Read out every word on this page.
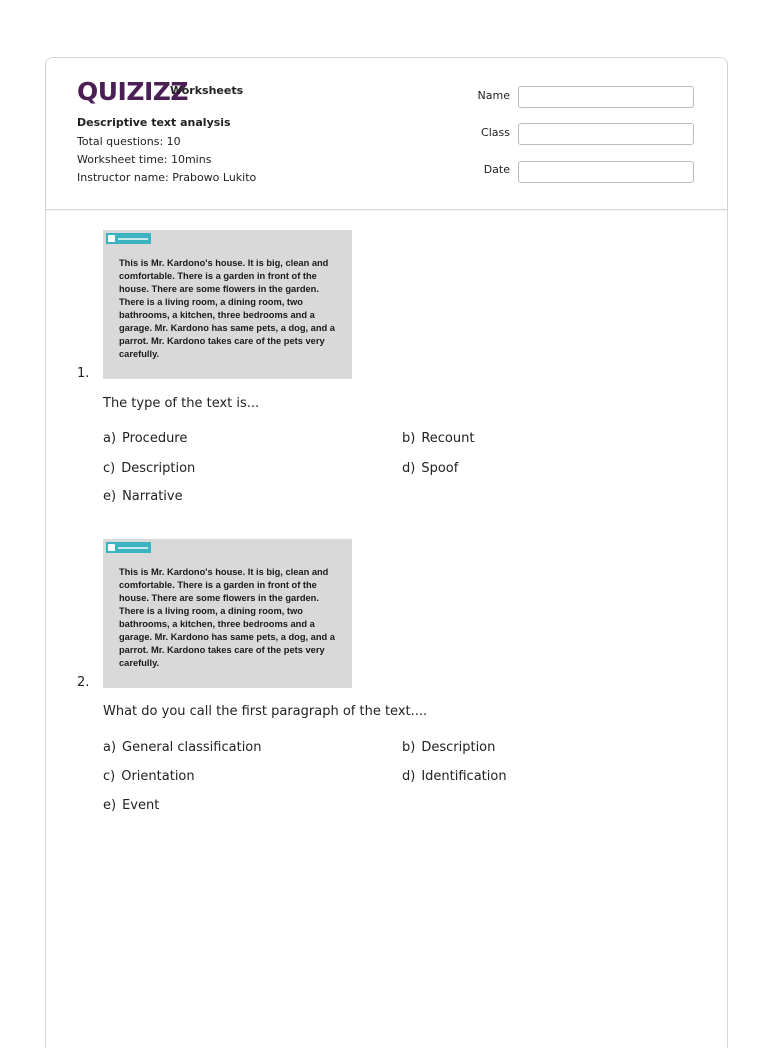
QUIZIZZ
Worksheets
Descriptive text analysis
Total questions: 10
Worksheet time: 10mins
Instructor name: Prabowo Lukito
Name
Class
Date
This is Mr. Kardono's house. It is big, clean and comfortable. There is a garden in front of the house. There are some flowers in the garden. There is a living room, a dining room, two bathrooms, a kitchen, three bedrooms and a garage. Mr. Kardono has same pets, a dog, and a parrot. Mr. Kardono takes care of the pets very carefully.
1.
The type of the text is...
a) Procedure	b) Recount
c) Description	d) Spoof
e) Narrative
This is Mr. Kardono's house. It is big, clean and comfortable. There is a garden in front of the house. There are some flowers in the garden. There is a living room, a dining room, two bathrooms, a kitchen, three bedrooms and a garage. Mr. Kardono has same pets, a dog, and a parrot. Mr. Kardono takes care of the pets very carefully.
2.
What do you call the first paragraph of the text....
a) General classification	b) Description
c) Orientation	d) Identification
e) Event
